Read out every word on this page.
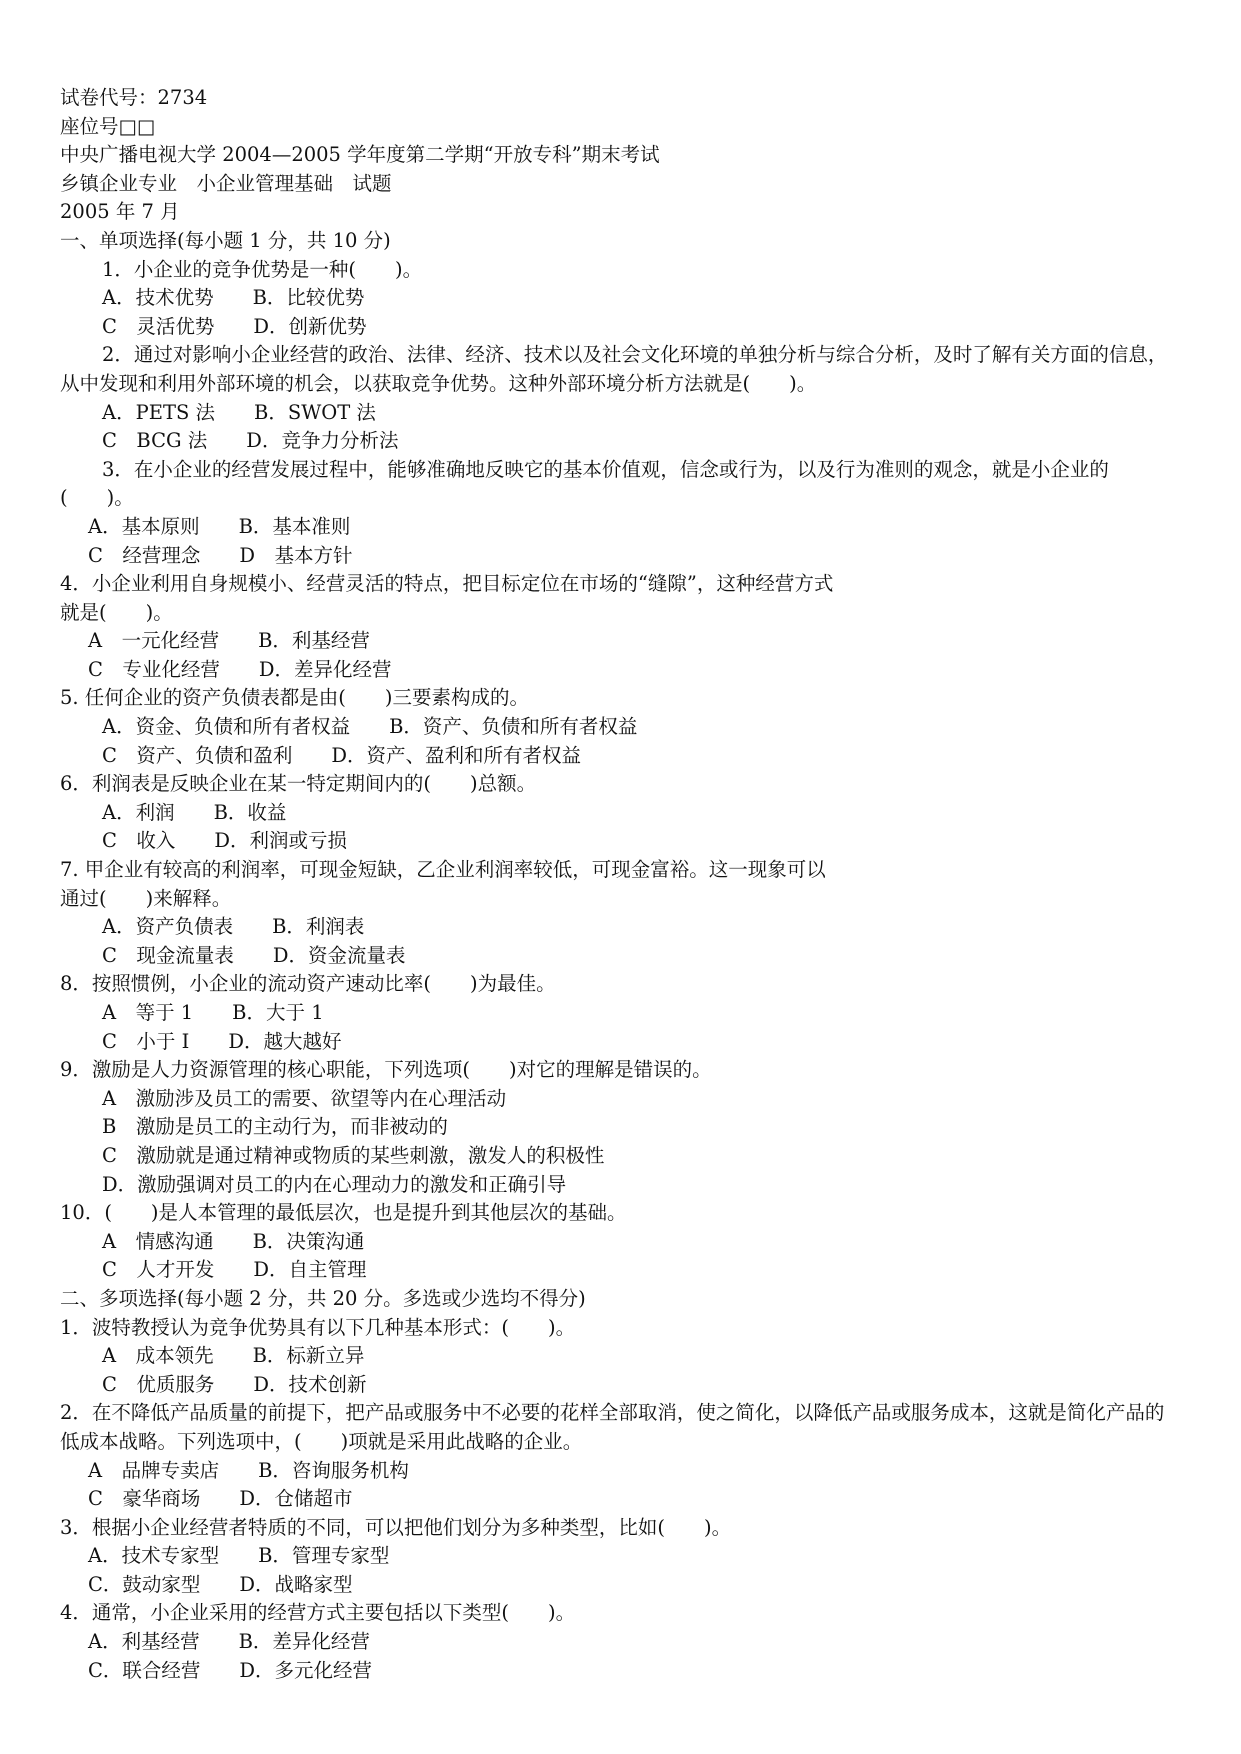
试卷代号：2734
座位号□□
中央广播电视大学 2004—2005 学年度第二学期“开放专科”期末考试
乡镇企业专业　小企业管理基础　试题
2005 年 7 月
一、单项选择(每小题 1 分，共 10 分)
1．小企业的竞争优势是一种(　　)。
A．技术优势　　B．比较优势
C　灵活优势　　D．创新优势
2．通过对影响小企业经营的政治、法律、经济、技术以及社会文化环境的单独分析与综合分析，及时了解有关方面的信息，从中发现和利用外部环境的机会，以获取竞争优势。这种外部环境分析方法就是(　　)。
A．PETS 法　　B．SWOT 法
C　BCG 法　　D．竞争力分析法
3．在小企业的经营发展过程中，能够准确地反映它的基本价值观，信念或行为，以及行为准则的观念，就是小企业的(　　)。
A．基本原则　　B．基本准则
C　经营理念　　D　基本方针
4．小企业利用自身规模小、经营灵活的特点，把目标定位在市场的“缝隙”，这种经营方式
就是(　　)。
A　一元化经营　　B．利基经营
C　专业化经营　　D．差异化经营
5. 任何企业的资产负债表都是由(　　)三要素构成的。
A．资金、负债和所有者权益　　B．资产、负债和所有者权益
C　资产、负债和盈利　　D．资产、盈利和所有者权益
6．利润表是反映企业在某一特定期间内的(　　)总额。
A．利润　　B．收益
C　收入　　D．利润或亏损
7. 甲企业有较高的利润率，可现金短缺，乙企业利润率较低，可现金富裕。这一现象可以
通过(　　)来解释。
A．资产负债表　　B．利润表
C　现金流量表　　D．资金流量表
8．按照惯例，小企业的流动资产速动比率(　　)为最佳。
A　等于 1　　B．大于 1
C　小于 I　　D．越大越好
9．激励是人力资源管理的核心职能，下列选项(　　)对它的理解是错误的。
A　激励涉及员工的需要、欲望等内在心理活动
B　激励是员工的主动行为，而非被动的
C　激励就是通过精神或物质的某些刺激，激发人的积极性
D．激励强调对员工的内在心理动力的激发和正确引导
10．(　　)是人本管理的最低层次，也是提升到其他层次的基础。
A　情感沟通　　B．决策沟通
C　人才开发　　D．自主管理
二、多项选择(每小题 2 分，共 20 分。多选或少选均不得分)
1．波特教授认为竞争优势具有以下几种基本形式：(　　)。
A　成本领先　　B．标新立异
C　优质服务　　D．技术创新
2．在不降低产品质量的前提下，把产品或服务中不必要的花样全部取消，使之简化，以降低产品或服务成本，这就是简化产品的低成本战略。下列选项中，(　　)项就是采用此战略的企业。
A　品牌专卖店　　B．咨询服务机构
C　豪华商场　　D．仓储超市
3．根据小企业经营者特质的不同，可以把他们划分为多种类型，比如(　　)。
A．技术专家型　　B．管理专家型
C．鼓动家型　　D．战略家型
4．通常，小企业采用的经营方式主要包括以下类型(　　)。
A．利基经营　　B．差异化经营
C．联合经营　　D．多元化经营
